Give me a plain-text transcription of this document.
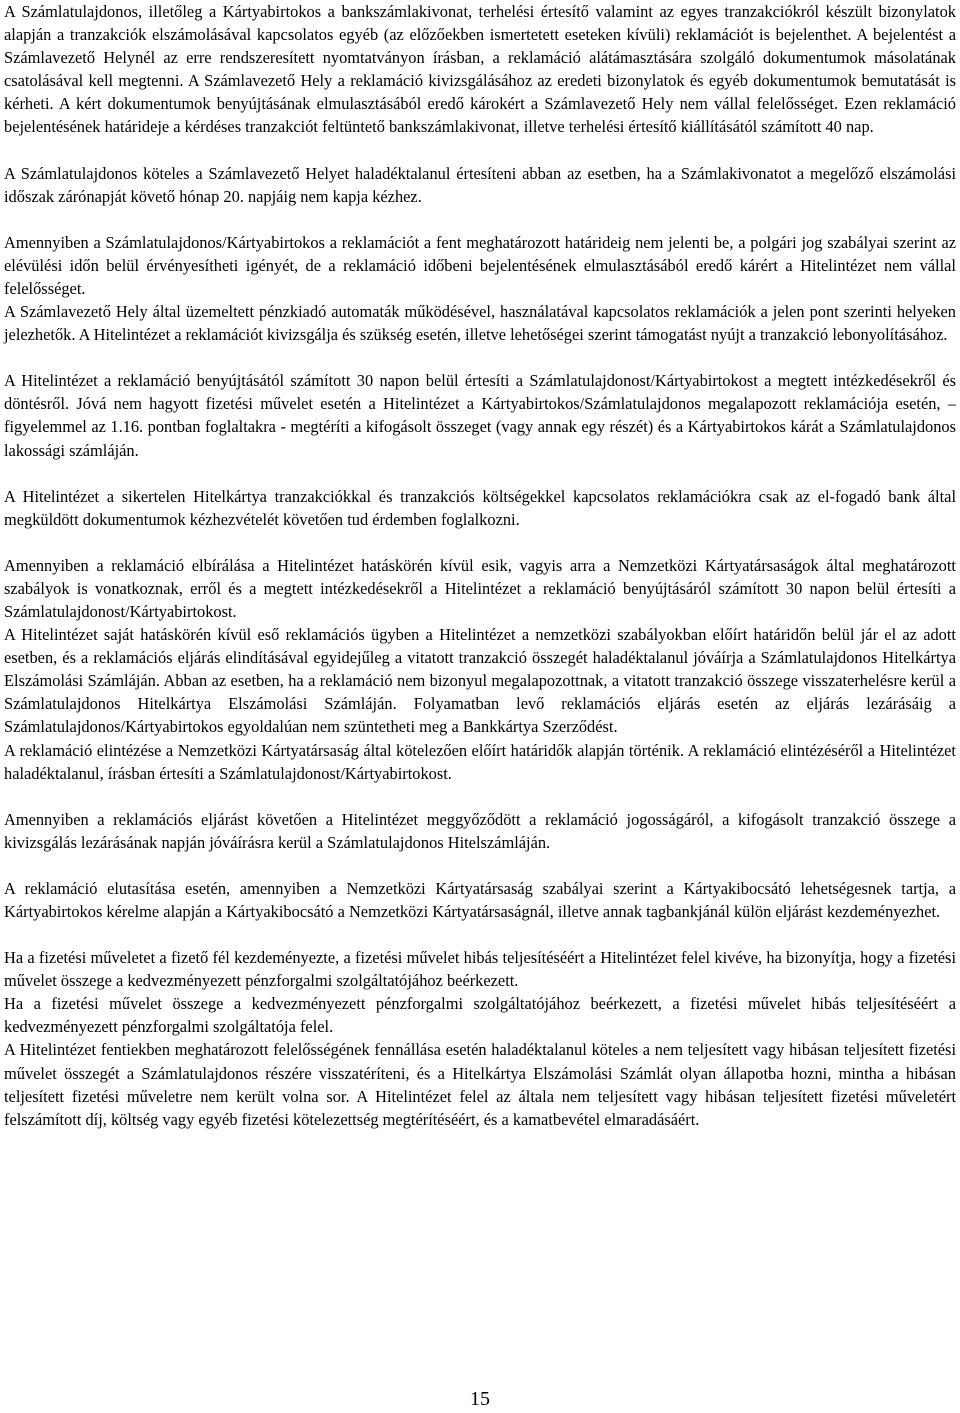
A Számlatulajdonos, illetőleg a Kártyabirtokos a bankszámlakivonat, terhelési értesítő valamint az egyes tranzakciókról készült bizonylatok alapján a tranzakciók elszámolásával kapcsolatos egyéb (az előzőekben ismertetett eseteken kívüli) reklamációt is bejelenthet. A bejelentést a Számlavezető Helynél az erre rendszeresített nyomtatványon írásban, a reklamáció alátámasztására szolgáló dokumentumok másolatának csatolásával kell megtenni. A Számlavezető Hely a reklamáció kivizsgálásához az eredeti bizonylatok és egyéb dokumentumok bemutatását is kérheti. A kért dokumentumok benyújtásának elmulasztásából eredő károkért a Számlavezető Hely nem vállal felelősséget. Ezen reklamáció bejelentésének határideje a kérdéses tranzakciót feltüntető bankszámlakivonat, illetve terhelési értesítő kiállításától számított 40 nap.

A Számlatulajdonos köteles a Számlavezető Helyet haladéktalanul értesíteni abban az esetben, ha a Számlakivonatot a megelőző elszámolási időszak zárónapját követő hónap 20. napjáig nem kapja kézhez.

Amennyiben a Számlatulajdonos/Kártyabirtokos a reklamációt a fent meghatározott határideig nem jelenti be, a polgári jog szabályai szerint az elévülési időn belül érvényesítheti igényét, de a reklamáció időbeni bejelentésének elmulasztásából eredő kárért a Hitelintézet nem vállal felelősséget.

A Számlavezető Hely által üzemeltett pénzkiadó automaták működésével, használatával kapcsolatos reklamációk a jelen pont szerinti helyeken jelezhetők. A Hitelintézet a reklamációt kivizsgálja és szükség esetén, illetve lehetőségei szerint támogatást nyújt a tranzakció lebonyolításához.

A Hitelintézet a reklamáció benyújtásától számított 30 napon belül értesíti a Számlatulajdonost/Kártyabirtokost a megtett intézkedésekről és döntésről. Jóvá nem hagyott fizetési művelet esetén a Hitelintézet a Kártyabirtokos/Számlatulajdonos megalapozott reklamációja esetén, – figyelemmel az 1.16. pontban foglaltakra - megtéríti a kifogásolt összeget (vagy annak egy részét) és a Kártyabirtokos kárát a Számlatulajdonos lakossági számláján.

A Hitelintézet a sikertelen Hitelkártya tranzakciókkal és tranzakciós költségekkel kapcsolatos reklamációkra csak az el-fogadó bank által megküldött dokumentumok kézhezvételét követően tud érdemben foglalkozni.

Amennyiben a reklamáció elbírálása a Hitelintézet hatáskörén kívül esik, vagyis arra a Nemzetközi Kártyatársaságok által meghatározott szabályok is vonatkoznak, erről és a megtett intézkedésekről a Hitelintézet a reklamáció benyújtásáról számított 30 napon belül értesíti a Számlatulajdonost/Kártyabirtokost.

A Hitelintézet saját hatáskörén kívül eső reklamációs ügyben a Hitelintézet a nemzetközi szabályokban előírt határidőn belül jár el az adott esetben, és a reklamációs eljárás elindításával egyidejűleg a vitatott tranzakció összegét haladéktalanul jóváírja a Számlatulajdonos Hitelkártya Elszámolási Számláján. Abban az esetben, ha a reklamáció nem bizonyul megalapozottnak, a vitatott tranzakció összege visszaterhelésre kerül a Számlatulajdonos Hitelkártya Elszámolási Számláján. Folyamatban levő reklamációs eljárás esetén az eljárás lezárásáig a Számlatulajdonos/Kártyabirtokos egyoldalúan nem szüntetheti meg a Bankkártya Szerződést.

A reklamáció elintézése a Nemzetközi Kártyatársaság által kötelezően előírt határidők alapján történik. A reklamáció elintézéséről a Hitelintézet haladéktalanul, írásban értesíti a Számlatulajdonost/Kártyabirtokost.

Amennyiben a reklamációs eljárást követően a Hitelintézet meggyőződött a reklamáció jogosságáról, a kifogásolt tranzakció összege a kivizsgálás lezárásának napján jóváírásra kerül a Számlatulajdonos Hitelszámláján.

A reklamáció elutasítása esetén, amennyiben a Nemzetközi Kártyatársaság szabályai szerint a Kártyakibocsátó lehetségesnek tartja, a Kártyabirtokos kérelme alapján a Kártyakibocsátó a Nemzetközi Kártyatársaságnál, illetve annak tagbankjánál külön eljárást kezdeményezhet.

Ha a fizetési műveletet a fizető fél kezdeményezte, a fizetési művelet hibás teljesítéséért a Hitelintézet felel kivéve, ha bizonyítja, hogy a fizetési művelet összege a kedvezményezett pénzforgalmi szolgáltatójához beérkezett.

Ha a fizetési művelet összege a kedvezményezett pénzforgalmi szolgáltatójához beérkezett, a fizetési művelet hibás teljesítéséért a kedvezményezett pénzforgalmi szolgáltatója felel.

A Hitelintézet fentiekben meghatározott felelősségének fennállása esetén haladéktalanul köteles a nem teljesített vagy hibásan teljesített fizetési művelet összegét a Számlatulajdonos részére visszatéríteni, és a Hitelkártya Elszámolási Számlát olyan állapotba hozni, mintha a hibásan teljesített fizetési műveletre nem került volna sor. A Hitelintézet felel az általa nem teljesített vagy hibásan teljesített fizetési műveletért felszámított díj, költség vagy egyéb fizetési kötelezettség megtérítéséért, és a kamatbevétel elmaradásáért.

15
